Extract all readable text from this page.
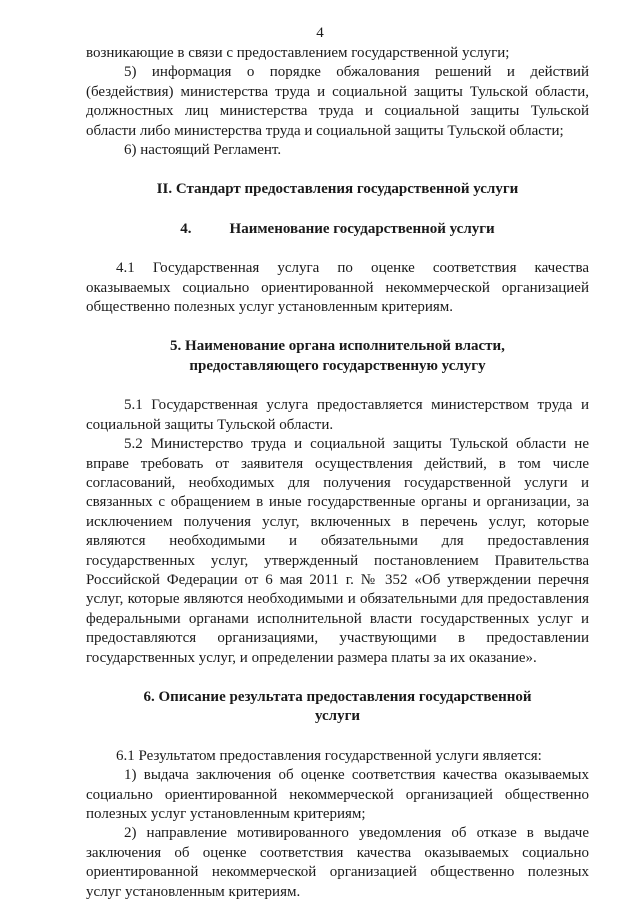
4

возникающие в связи с предоставлением государственной услуги;

5) информация о порядке обжалования решений и действий (бездействия) министерства труда и социальной защиты Тульской области, должностных лиц министерства труда и социальной защиты Тульской области либо министерства труда и социальной защиты Тульской области;

6) настоящий Регламент.

II. Стандарт предоставления государственной услуги
4.	Наименование государственной услуги

4.1 Государственная услуга по оценке соответствия качества оказываемых социально ориентированной некоммерческой организацией общественно полезных услуг установленным критериям.

5. Наименование органа исполнительной власти,
предоставляющего государственную услугу

5.1 Государственная услуга предоставляется министерством труда и социальной защиты Тульской области.

5.2 Министерство труда и социальной защиты Тульской области не вправе требовать от заявителя осуществления действий, в том числе согласований, необходимых для получения государственной услуги и связанных с обращением в иные государственные органы и организации, за исключением получения услуг, включенных в перечень услуг, которые являются необходимыми и обязательными для предоставления государственных услуг, утвержденный постановлением Правительства Российской Федерации от 6 мая 2011 г. № 352 «Об утверждении перечня услуг, которые являются необходимыми и обязательными для предоставления федеральными органами исполнительной власти государственных услуг и предоставляются организациями, участвующими в предоставлении государственных услуг, и определении размера платы за их оказание».

6. Описание результата предоставления государственной
услуги

6.1 Результатом предоставления государственной услуги является:

1) выдача заключения об оценке соответствия качества оказываемых социально ориентированной некоммерческой организацией общественно полезных услуг установленным критериям;

2) направление мотивированного уведомления об отказе в выдаче заключения об оценке соответствия качества оказываемых социально ориентированной некоммерческой организацией общественно полезных услуг установленным критериям.
